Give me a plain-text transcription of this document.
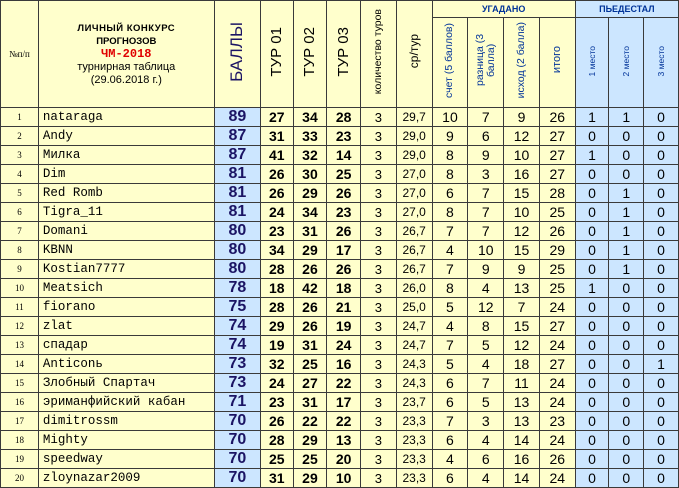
№п/п	ЛИЧНЫЙ КОНКУРС
ПРОГНОЗОВ
ЧМ-2018
турнирная таблица
(29.06.2018 г.)	БАЛЛЫ	ТУР 01	ТУР 02	ТУР 03	количество туров	ср/тур	УГАДАНО				ПЬЕДЕСТАЛ		
								счет (5 баллов)	разница (3 балла)	исход (2 балла)	итого	1 место	2 место	3 место
1	nataraga	89	27	34	28	3	29,7	10	7	9	26	1	1	0
2	Andy	87	31	33	23	3	29,0	9	6	12	27	0	0	0
3	Милка	87	41	32	14	3	29,0	8	9	10	27	1	0	0
4	Dim	81	26	30	25	3	27,0	8	3	16	27	0	0	0
5	Red Romb	81	26	29	26	3	27,0	6	7	15	28	0	1	0
6	Tigra_11	81	24	34	23	3	27,0	8	7	10	25	0	1	0
7	Domani	80	23	31	26	3	26,7	7	7	12	26	0	1	0
8	KBNN	80	34	29	17	3	26,7	4	10	15	29	0	1	0
9	Kostian7777	80	28	26	26	3	26,7	7	9	9	25	0	1	0
10	Meatsich	78	18	42	18	3	26,0	8	4	13	25	1	0	0
11	fiorano	75	28	26	21	3	25,0	5	12	7	24	0	0	0
12	zlat	74	29	26	19	3	24,7	4	8	15	27	0	0	0
13	спадар	74	19	31	24	3	24,7	7	5	12	24	0	0	0
14	Anticonь	73	32	25	16	3	24,3	5	4	18	27	0	0	1
15	Злобный Спартач	73	24	27	22	3	24,3	6	7	11	24	0	0	0
16	эриманфийский кабан	71	23	31	17	3	23,7	6	5	13	24	0	0	0
17	dimitrossm	70	26	22	22	3	23,3	7	3	13	23	0	0	0
18	Mighty	70	28	29	13	3	23,3	6	4	14	24	0	0	0
19	speedway	70	25	25	20	3	23,3	4	6	16	26	0	0	0
20	zloynazar2009	70	31	29	10	3	23,3	6	4	14	24	0	0	0
